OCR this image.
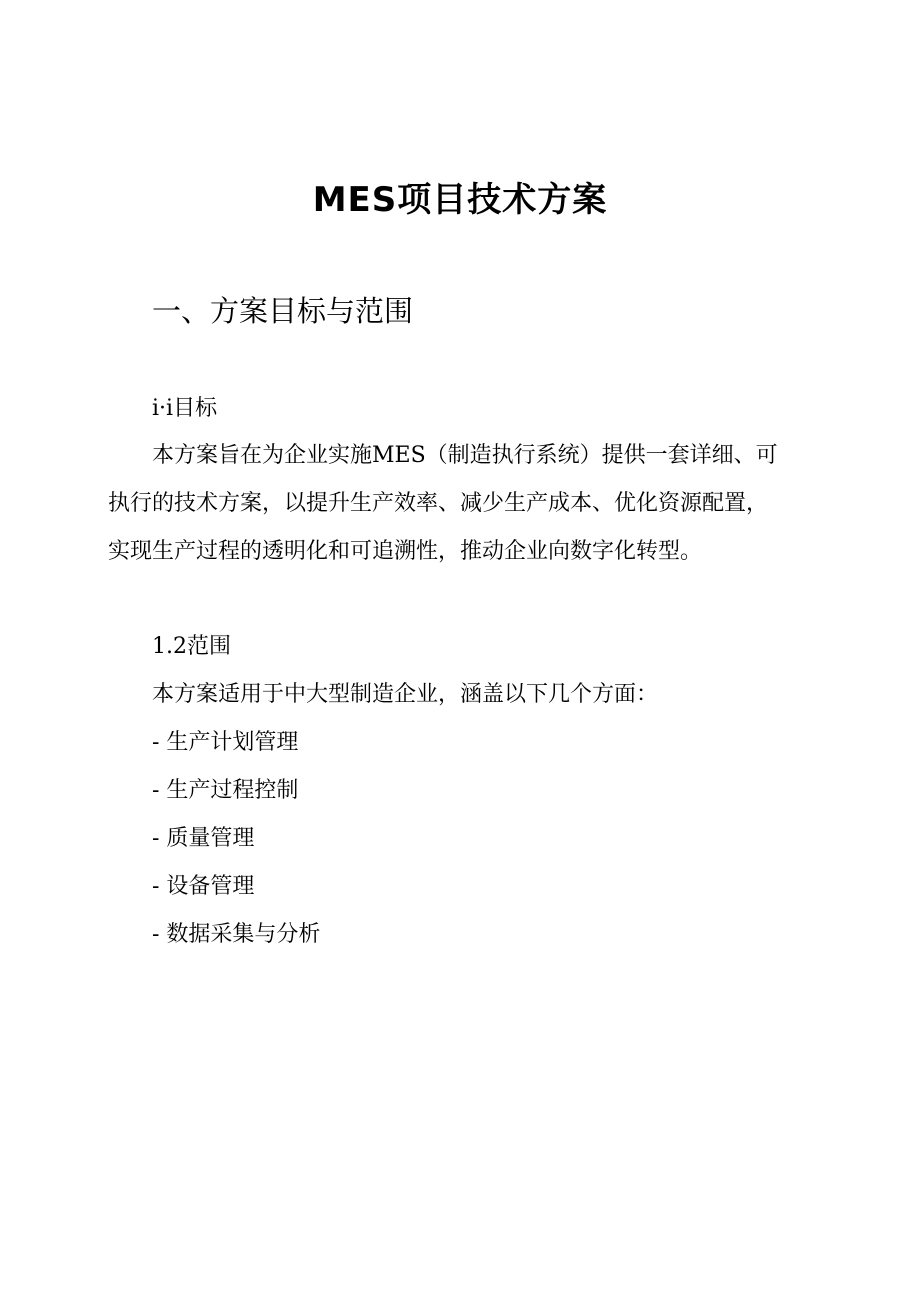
MES项目技术方案
一、方案目标与范围
i·i目标
本方案旨在为企业实施MES（制造执行系统）提供一套详细、可
执行的技术方案，以提升生产效率、减少生产成本、优化资源配置，
实现生产过程的透明化和可追溯性，推动企业向数字化转型。
1.2范围
本方案适用于中大型制造企业，涵盖以下几个方面：
- 生产计划管理
- 生产过程控制
- 质量管理
- 设备管理
- 数据采集与分析
